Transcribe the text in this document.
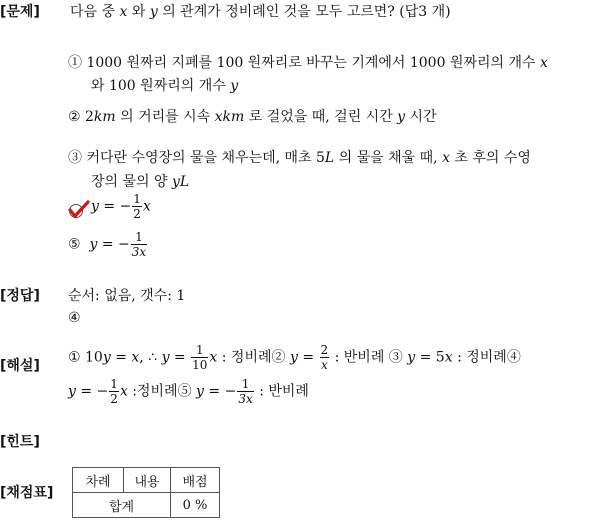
[문제] 다음 중 x 와 y 의 관계가 정비례인 것을 모두 고르면? (답3 개)
① 1000 원짜리 지폐를 100 원짜리로 바꾸는 기계에서 1000 원짜리의 개수 x
와 100 원짜리의 개수 y
② 2km 의 거리를 시속 xkm 로 걸었을 때, 걸린 시간 y 시간
③ 커다란 수영장의 물을 채우는데, 매초 5L 의 물을 채울 때, x 초 후의 수영
장의 물의 양 yL
y = − $\frac{1}{2}$ x
⑤ y = − $\frac{1}{3x}$
[정답] 순서: 없음, 갯수: 1
④
[해설]
① 10y = x, ∴ $y = \frac{1}{10}$ x : 정비례② $y = \frac{2}{x}$ : 반비례 ③ y = 5x : 정비례④
y = − $\frac{1}{2}$ x :정비례⑤ y = − $\frac{1}{3x}$ : 반비례
[힌트]
[채점표]
차례	내용	배점
합계		0 %
